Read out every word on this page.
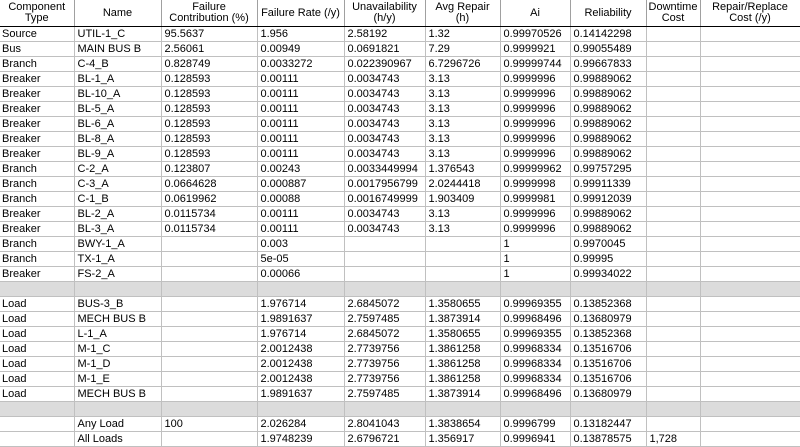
Component Type	Name	Failure Contribution (%)	Failure Rate (/y)	Unavailability (h/y)	Avg Repair (h)	Ai	Reliability	Downtime Cost	Repair/Replace Cost (/y)
Source	UTIL-1_C	95.5637	1.956	2.58192	1.32	0.99970526	0.14142298		
Bus	MAIN BUS B	2.56061	0.00949	0.0691821	7.29	0.9999921	0.99055489		
Branch	C-4_B	0.828749	0.0033272	0.022390967	6.7296726	0.99999744	0.99667833		
Breaker	BL-1_A	0.128593	0.00111	0.0034743	3.13	0.9999996	0.99889062		
Breaker	BL-10_A	0.128593	0.00111	0.0034743	3.13	0.9999996	0.99889062		
Breaker	BL-5_A	0.128593	0.00111	0.0034743	3.13	0.9999996	0.99889062		
Breaker	BL-6_A	0.128593	0.00111	0.0034743	3.13	0.9999996	0.99889062		
Breaker	BL-8_A	0.128593	0.00111	0.0034743	3.13	0.9999996	0.99889062		
Breaker	BL-9_A	0.128593	0.00111	0.0034743	3.13	0.9999996	0.99889062		
Branch	C-2_A	0.123807	0.00243	0.0033449994	1.376543	0.99999962	0.99757295		
Branch	C-3_A	0.0664628	0.000887	0.0017956799	2.0244418	0.9999998	0.99911339		
Branch	C-1_B	0.0619962	0.00088	0.0016749999	1.903409	0.9999981	0.99912039		
Breaker	BL-2_A	0.0115734	0.00111	0.0034743	3.13	0.9999996	0.99889062		
Breaker	BL-3_A	0.0115734	0.00111	0.0034743	3.13	0.9999996	0.99889062		
Branch	BWY-1_A		0.003			1	0.9970045		
Branch	TX-1_A		5e-05			1	0.99995		
Breaker	FS-2_A		0.00066			1	0.99934022		

Load	BUS-3_B		1.976714	2.6845072	1.3580655	0.99969355	0.13852368		
Load	MECH BUS B		1.9891637	2.7597485	1.3873914	0.99968496	0.13680979		
Load	L-1_A		1.976714	2.6845072	1.3580655	0.99969355	0.13852368		
Load	M-1_C		2.0012438	2.7739756	1.3861258	0.99968334	0.13516706		
Load	M-1_D		2.0012438	2.7739756	1.3861258	0.99968334	0.13516706		
Load	M-1_E		2.0012438	2.7739756	1.3861258	0.99968334	0.13516706		
Load	MECH BUS B		1.9891637	2.7597485	1.3873914	0.99968496	0.13680979		

	Any Load	100	2.026284	2.8041043	1.3838654	0.9996799	0.13182447		
	All Loads		1.9748239	2.6796721	1.356917	0.9996941	0.13878575	1,728	
